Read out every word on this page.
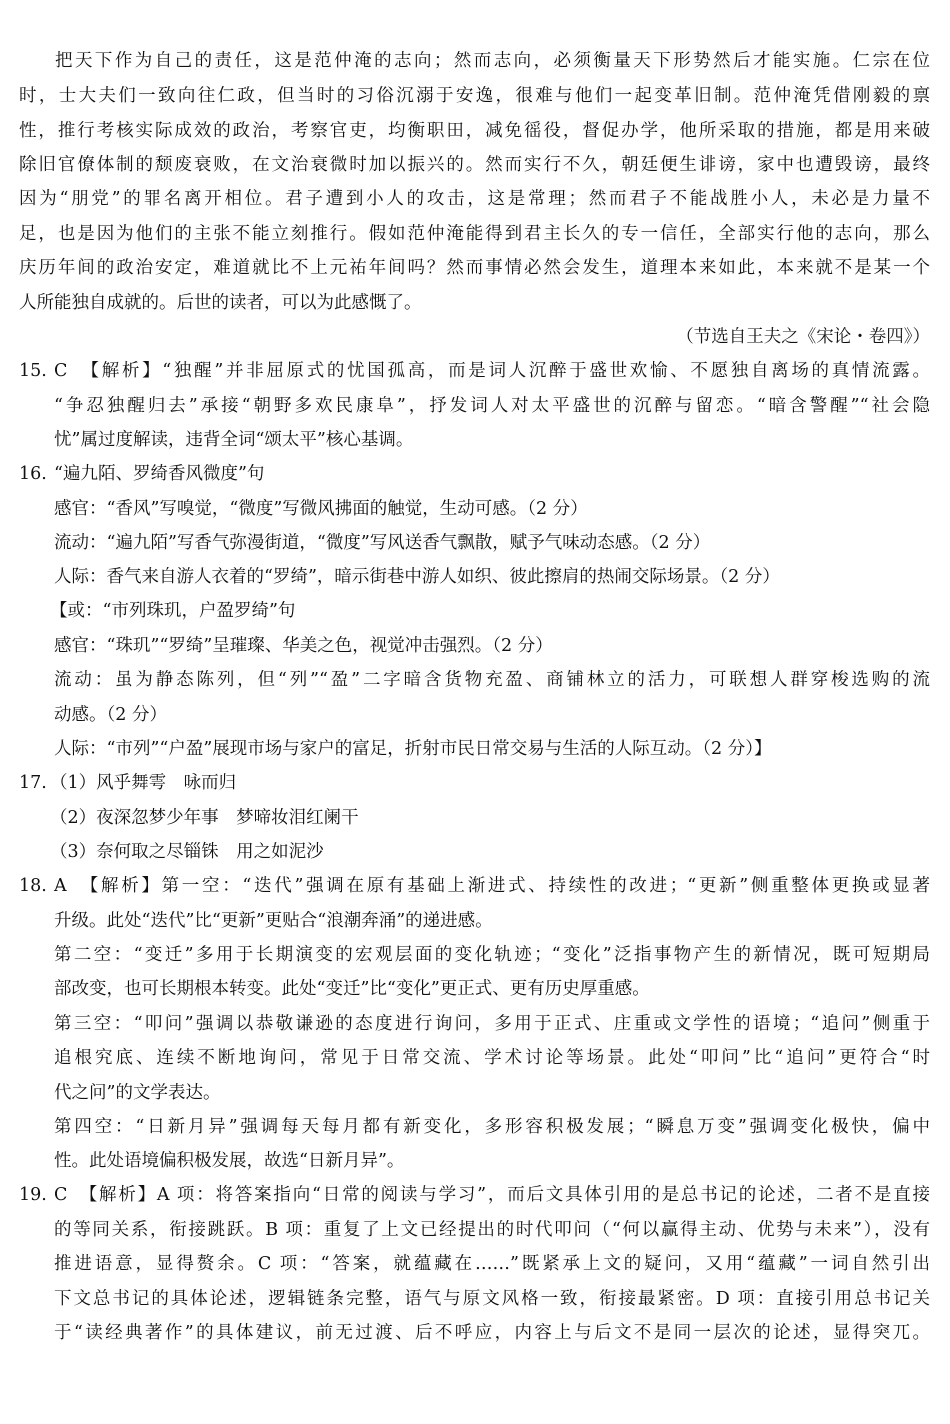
把天下作为自己的责任，这是范仲淹的志向；然而志向，必须衡量天下形势然后才能实施。仁宗在位
时，士大夫们一致向往仁政，但当时的习俗沉溺于安逸，很难与他们一起变革旧制。范仲淹凭借刚毅的禀
性，推行考核实际成效的政治，考察官吏，均衡职田，减免徭役，督促办学，他所采取的措施，都是用来破
除旧官僚体制的颓废衰败，在文治衰微时加以振兴的。然而实行不久，朝廷便生诽谤，家中也遭毁谤，最终
因为“朋党”的罪名离开相位。君子遭到小人的攻击，这是常理；然而君子不能战胜小人，未必是力量不
足，也是因为他们的主张不能立刻推行。假如范仲淹能得到君主长久的专一信任，全部实行他的志向，那么
庆历年间的政治安定，难道就比不上元祐年间吗？然而事情必然会发生，道理本来如此，本来就不是某一个
人所能独自成就的。后世的读者，可以为此感慨了。
（节选自王夫之《宋论・卷四》）
15. C　【解析】“独醒”并非屈原式的忧国孤高，而是词人沉醉于盛世欢愉、不愿独自离场的真情流露。
“争忍独醒归去”承接“朝野多欢民康阜”，抒发词人对太平盛世的沉醉与留恋。“暗含警醒”“社会隐
忧”属过度解读，违背全词“颂太平”核心基调。
16. “遍九陌、罗绮香风微度”句
感官：“香风”写嗅觉，“微度”写微风拂面的触觉，生动可感。（2 分）
流动：“遍九陌”写香气弥漫街道，“微度”写风送香气飘散，赋予气味动态感。（2 分）
人际：香气来自游人衣着的“罗绮”，暗示街巷中游人如织、彼此擦肩的热闹交际场景。（2 分）
【或：“市列珠玑，户盈罗绮”句
感官：“珠玑”“罗绮”呈璀璨、华美之色，视觉冲击强烈。（2 分）
流动：虽为静态陈列，但“列”“盈”二字暗含货物充盈、商铺林立的活力，可联想人群穿梭选购的流
动感。（2 分）
人际：“市列”“户盈”展现市场与家户的富足，折射市民日常交易与生活的人际互动。（2 分）】
17. （1）风乎舞雩　咏而归
（2）夜深忽梦少年事　梦啼妆泪红阑干
（3）奈何取之尽锱铢　用之如泥沙
18. A　【解析】第一空：“迭代”强调在原有基础上渐进式、持续性的改进；“更新”侧重整体更换或显著
升级。此处“迭代”比“更新”更贴合“浪潮奔涌”的递进感。
第二空：“变迁”多用于长期演变的宏观层面的变化轨迹；“变化”泛指事物产生的新情况，既可短期局
部改变，也可长期根本转变。此处“变迁”比“变化”更正式、更有历史厚重感。
第三空：“叩问”强调以恭敬谦逊的态度进行询问，多用于正式、庄重或文学性的语境；“追问”侧重于
追根究底、连续不断地询问，常见于日常交流、学术讨论等场景。此处“叩问”比“追问”更符合“时
代之问”的文学表达。
第四空：“日新月异”强调每天每月都有新变化，多形容积极发展；“瞬息万变”强调变化极快，偏中
性。此处语境偏积极发展，故选“日新月异”。
19. C　【解析】A 项：将答案指向“日常的阅读与学习”，而后文具体引用的是总书记的论述，二者不是直接
的等同关系，衔接跳跃。B 项：重复了上文已经提出的时代叩问（“何以赢得主动、优势与未来”），没有
推进语意，显得赘余。C 项：“答案，就蕴藏在……”既紧承上文的疑问，又用“蕴藏”一词自然引出
下文总书记的具体论述，逻辑链条完整，语气与原文风格一致，衔接最紧密。D 项：直接引用总书记关
于“读经典著作”的具体建议，前无过渡、后不呼应，内容上与后文不是同一层次的论述，显得突兀。
